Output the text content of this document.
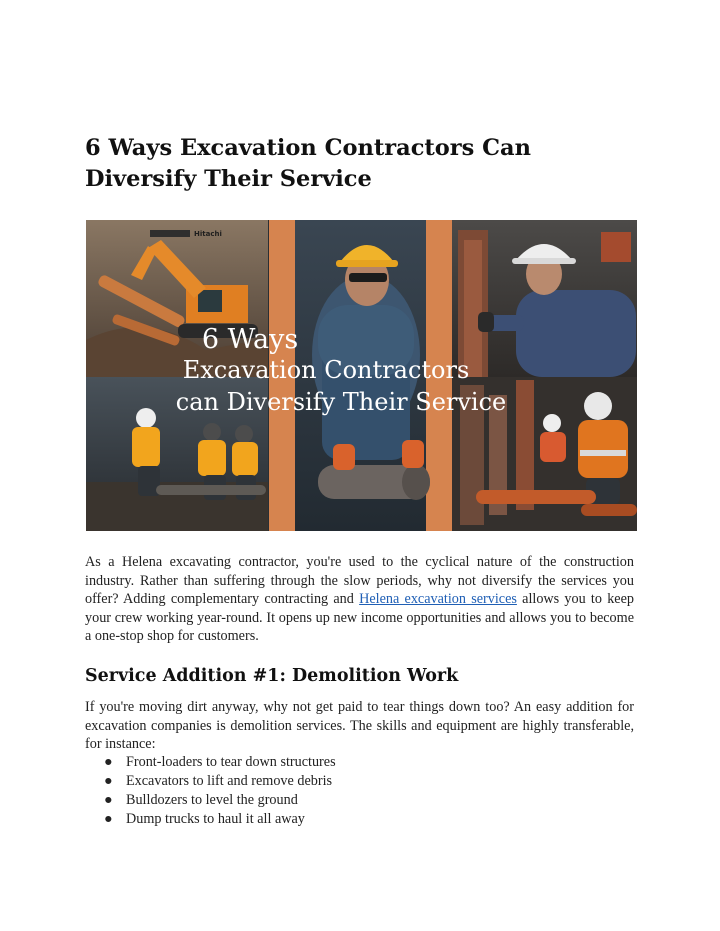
6 Ways Excavation Contractors Can Diversify Their Service
6 Ways
Excavation Contractors
can Diversify Their Service
Hitachi

As a Helena excavating contractor, you're used to the cyclical nature of the construction industry. Rather than suffering through the slow periods, why not diversify the services you offer? Adding complementary contracting and Helena excavation services allows you to keep your crew working year-round. It opens up new income opportunities and allows you to become a one-stop shop for customers.

Service Addition #1: Demolition Work

If you're moving dirt anyway, why not get paid to tear things down too? An easy addition for excavation companies is demolition services. The skills and equipment are highly transferable, for instance:

● Front-loaders to tear down structures
● Excavators to lift and remove debris
● Bulldozers to level the ground
● Dump trucks to haul it all away
